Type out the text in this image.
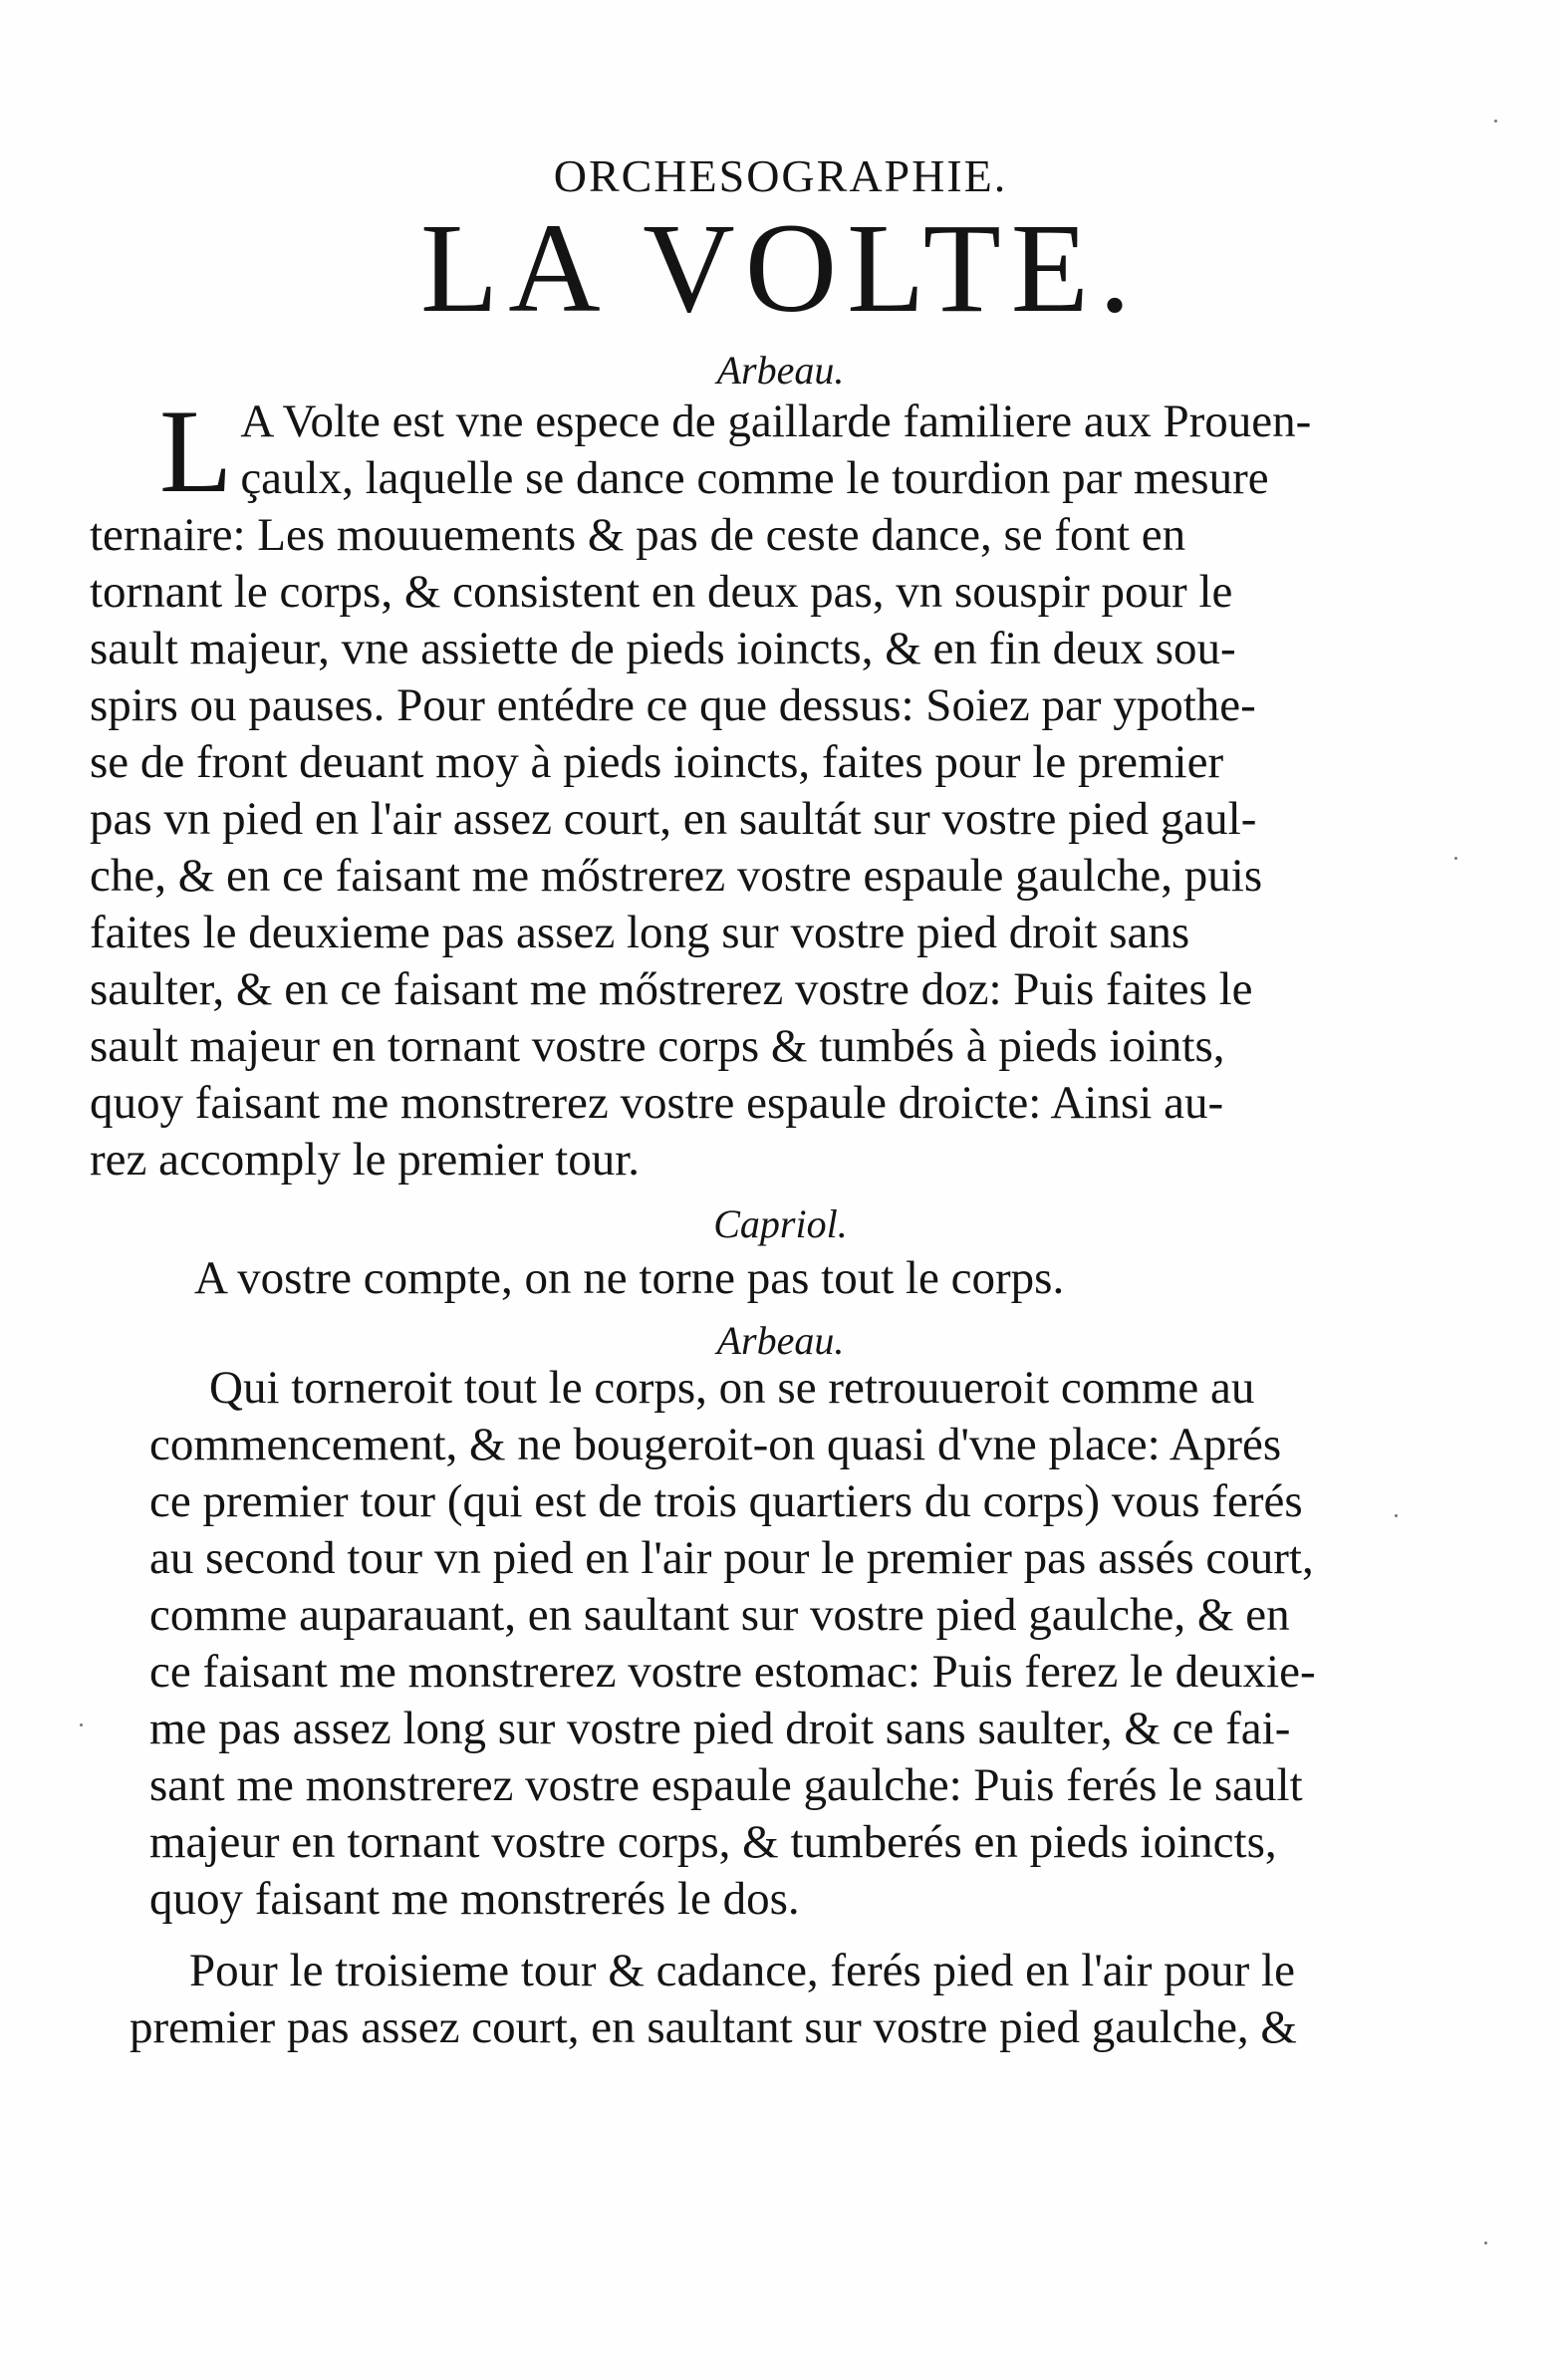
ORCHESOGRAPHIE.
LA VOLTE.

Arbeau.

L A Volte est vne espece de gaillarde familiere aux Prouen-
çaulx, laquelle se dance comme le tourdion par mesure
ternaire: Les mouuements & pas de ceste dance, se font en
tornant le corps, & consistent en deux pas, vn souspir pour le
sault majeur, vne assiette de pieds ioincts, & en fin deux sou-
spirs ou pauses. Pour entédre ce que dessus: Soiez par ypothe-
se de front deuant moy à pieds ioincts, faites pour le premier
pas vn pied en l'air assez court, en saultát sur vostre pied gaul-
che, & en ce faisant me mőstrerez vostre espaule gaulche, puis
faites le deuxieme pas assez long sur vostre pied droit sans
saulter, & en ce faisant me mőstrerez vostre doz: Puis faites le
sault majeur en tornant vostre corps & tumbés à pieds ioints,
quoy faisant me monstrerez vostre espaule droicte: Ainsi au-
rez accomply le premier tour.

Capriol.

A vostre compte, on ne torne pas tout le corps.

Arbeau.

Qui torneroit tout le corps, on se retrouueroit comme au
commencement, & ne bougeroit-on quasi d'vne place: Aprés
ce premier tour (qui est de trois quartiers du corps) vous ferés
au second tour vn pied en l'air pour le premier pas assés court,
comme auparauant, en saultant sur vostre pied gaulche, & en
ce faisant me monstrerez vostre estomac: Puis ferez le deuxie-
me pas assez long sur vostre pied droit sans saulter, & ce fai-
sant me monstrerez vostre espaule gaulche: Puis ferés le sault
majeur en tornant vostre corps, & tumberés en pieds ioincts,
quoy faisant me monstrerés le dos.
Pour le troisieme tour & cadance, ferés pied en l'air pour le
premier pas assez court, en saultant sur vostre pied gaulche, &
